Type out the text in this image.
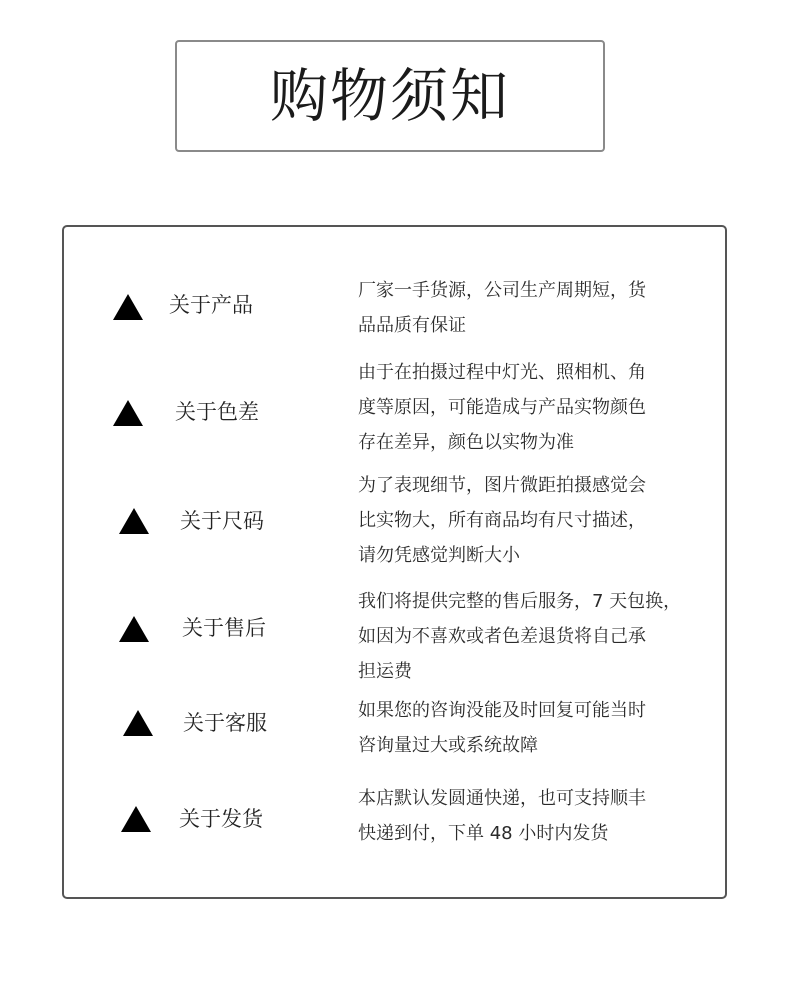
购物须知
关于产品
厂家一手货源，公司生产周期短，货
品品质有保证
关于色差
由于在拍摄过程中灯光、照相机、角
度等原因，可能造成与产品实物颜色
存在差异，颜色以实物为准
关于尺码
为了表现细节，图片微距拍摄感觉会
比实物大，所有商品均有尺寸描述，
请勿凭感觉判断大小
关于售后
我们将提供完整的售后服务，7 天包换，
如因为不喜欢或者色差退货将自己承
担运费
关于客服
如果您的咨询没能及时回复可能当时
咨询量过大或系统故障
关于发货
本店默认发圆通快递，也可支持顺丰
快递到付，下单 48 小时内发货
